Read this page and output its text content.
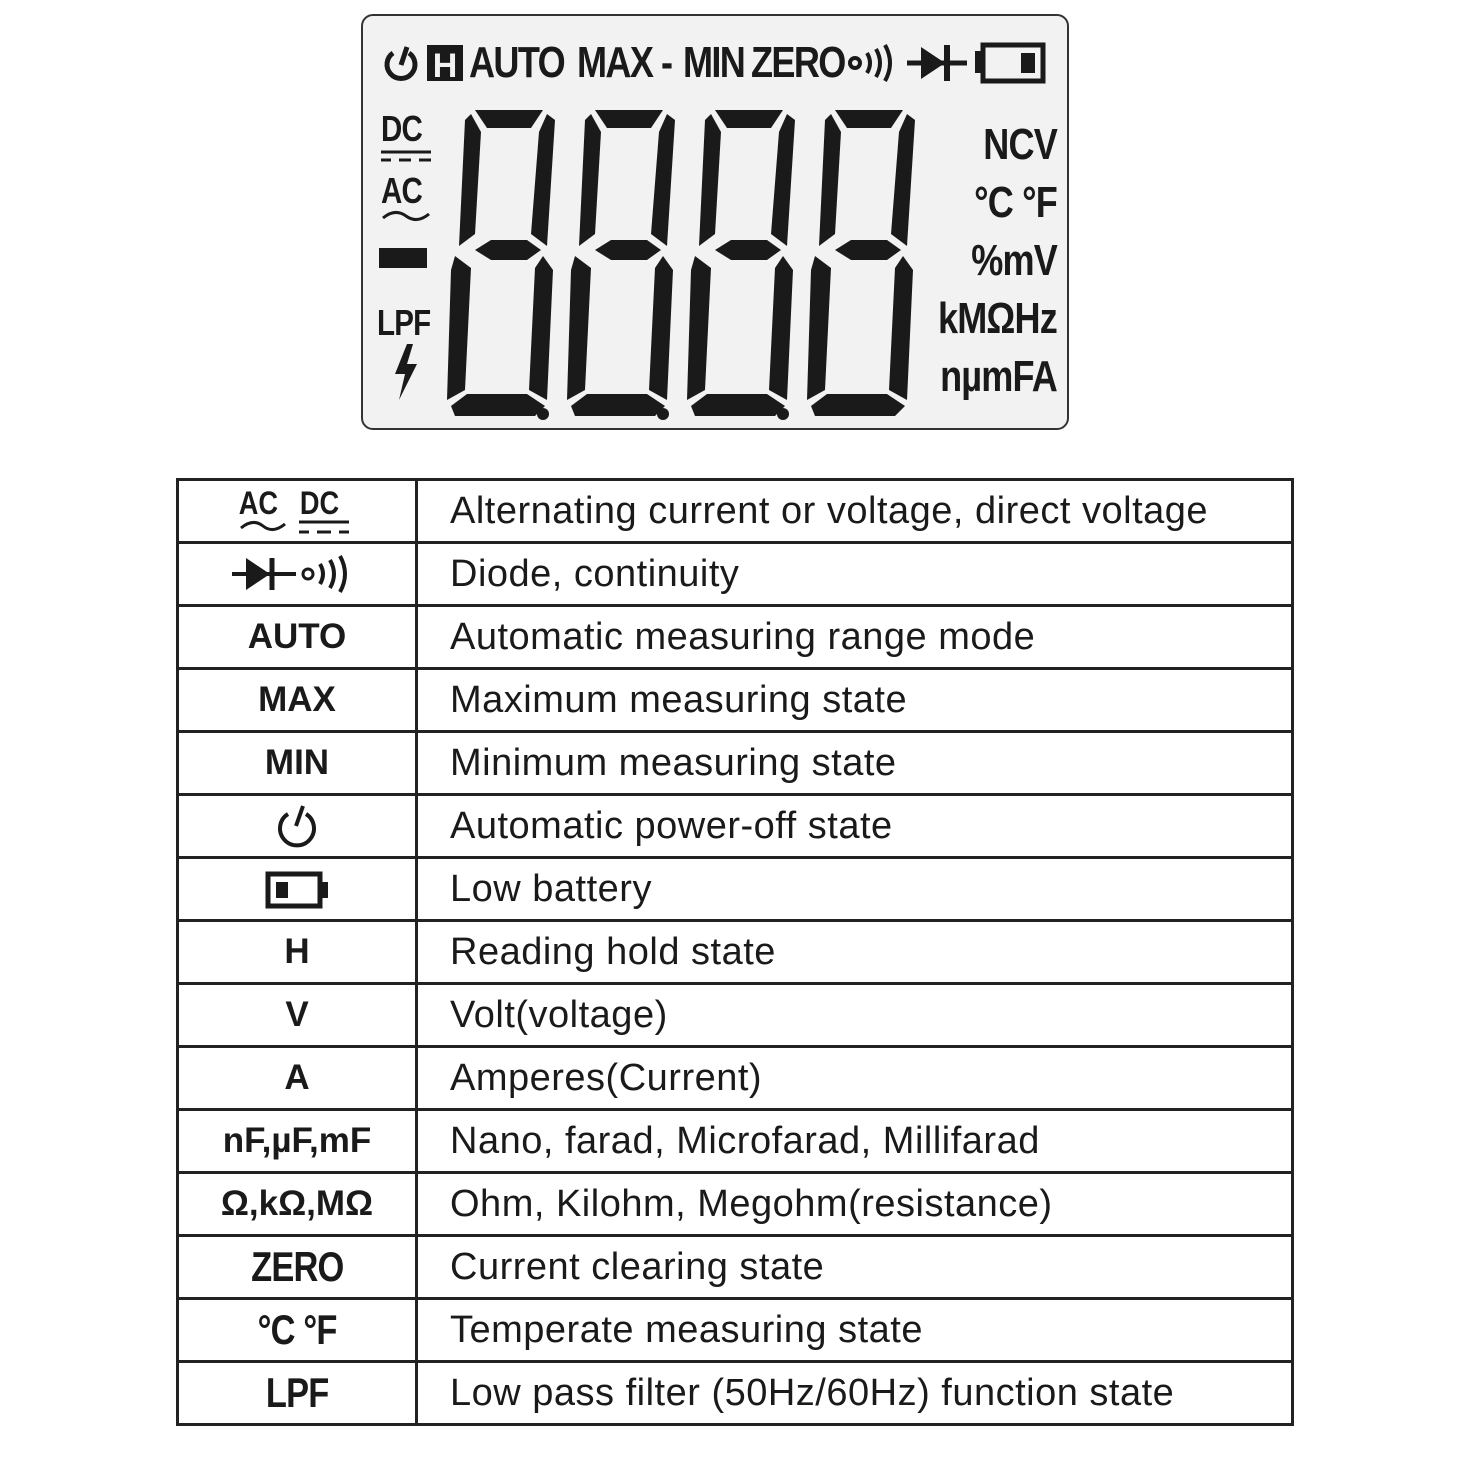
H AUTO MAX - MIN ZERO
DC
AC
LPF
NCV
°C °F
%mV
kMΩHz
nµmFA
AC DC	Alternating current or voltage, direct voltage
	Diode, continuity
AUTO	Automatic measuring range mode
MAX	Maximum measuring state
MIN	Minimum measuring state
	Automatic power-off state
	Low battery
H	Reading hold state
V	Volt(voltage)
A	Amperes(Current)
nF,µF,mF	Nano, farad, Microfarad, Millifarad
Ω,kΩ,MΩ	Ohm, Kilohm, Megohm(resistance)
ZERO	Current clearing state
°C °F	Temperate measuring state
LPF	Low pass filter (50Hz/60Hz) function state
